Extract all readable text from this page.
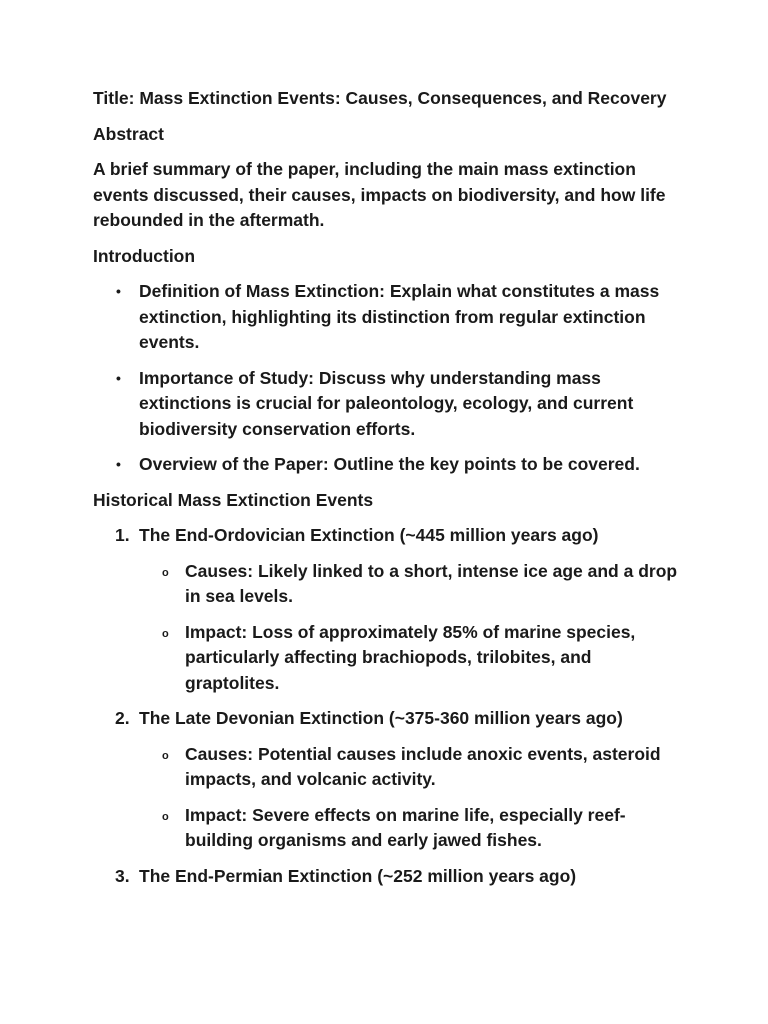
Title: Mass Extinction Events: Causes, Consequences, and Recovery

Abstract

A brief summary of the paper, including the main mass extinction events discussed, their causes, impacts on biodiversity, and how life rebounded in the aftermath.

Introduction

• Definition of Mass Extinction: Explain what constitutes a mass extinction, highlighting its distinction from regular extinction events.
• Importance of Study: Discuss why understanding mass extinctions is crucial for paleontology, ecology, and current biodiversity conservation efforts.
• Overview of the Paper: Outline the key points to be covered.

Historical Mass Extinction Events

1. The End-Ordovician Extinction (~445 million years ago)
o Causes: Likely linked to a short, intense ice age and a drop in sea levels.
o Impact: Loss of approximately 85% of marine species, particularly affecting brachiopods, trilobites, and graptolites.
2. The Late Devonian Extinction (~375-360 million years ago)
o Causes: Potential causes include anoxic events, asteroid impacts, and volcanic activity.
o Impact: Severe effects on marine life, especially reef-building organisms and early jawed fishes.
3. The End-Permian Extinction (~252 million years ago)
